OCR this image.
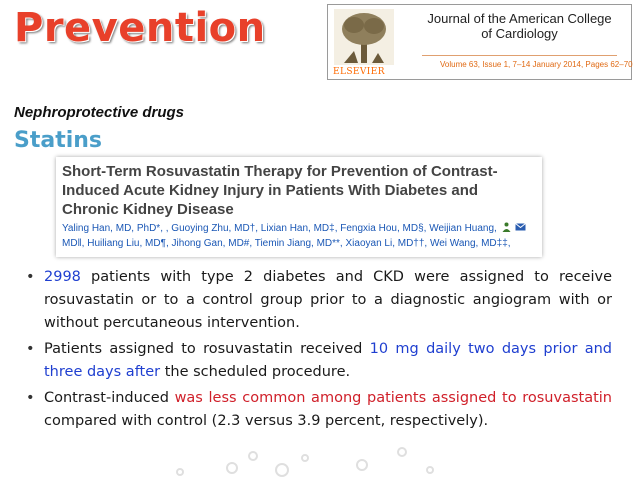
Prevention
ELSEVIER
Journal of the American College of Cardiology
Volume 63, Issue 1, 7–14 January 2014, Pages 62–70
Nephroprotective drugs
Statins
Short-Term Rosuvastatin Therapy for Prevention of Contrast-Induced Acute Kidney Injury in Patients With Diabetes and Chronic Kidney Disease
Yaling Han, MD, PhD*, , Guoying Zhu, MD†, Lixian Han, MD‡, Fengxia Hou, MD§, Weijian Huang,
MD‖, Huiliang Liu, MD¶, Jihong Gan, MD#, Tiemin Jiang, MD**, Xiaoyan Li, MD††, Wei Wang, MD‡‡,
• 2998 patients with type 2 diabetes and CKD were assigned to receive rosuvastatin or to a control group prior to a diagnostic angiogram with or without percutaneous intervention.
• Patients assigned to rosuvastatin received 10 mg daily two days prior and three days after the scheduled procedure.
• Contrast-induced was less common among patients assigned to rosuvastatin compared with control (2.3 versus 3.9 percent, respectively).
